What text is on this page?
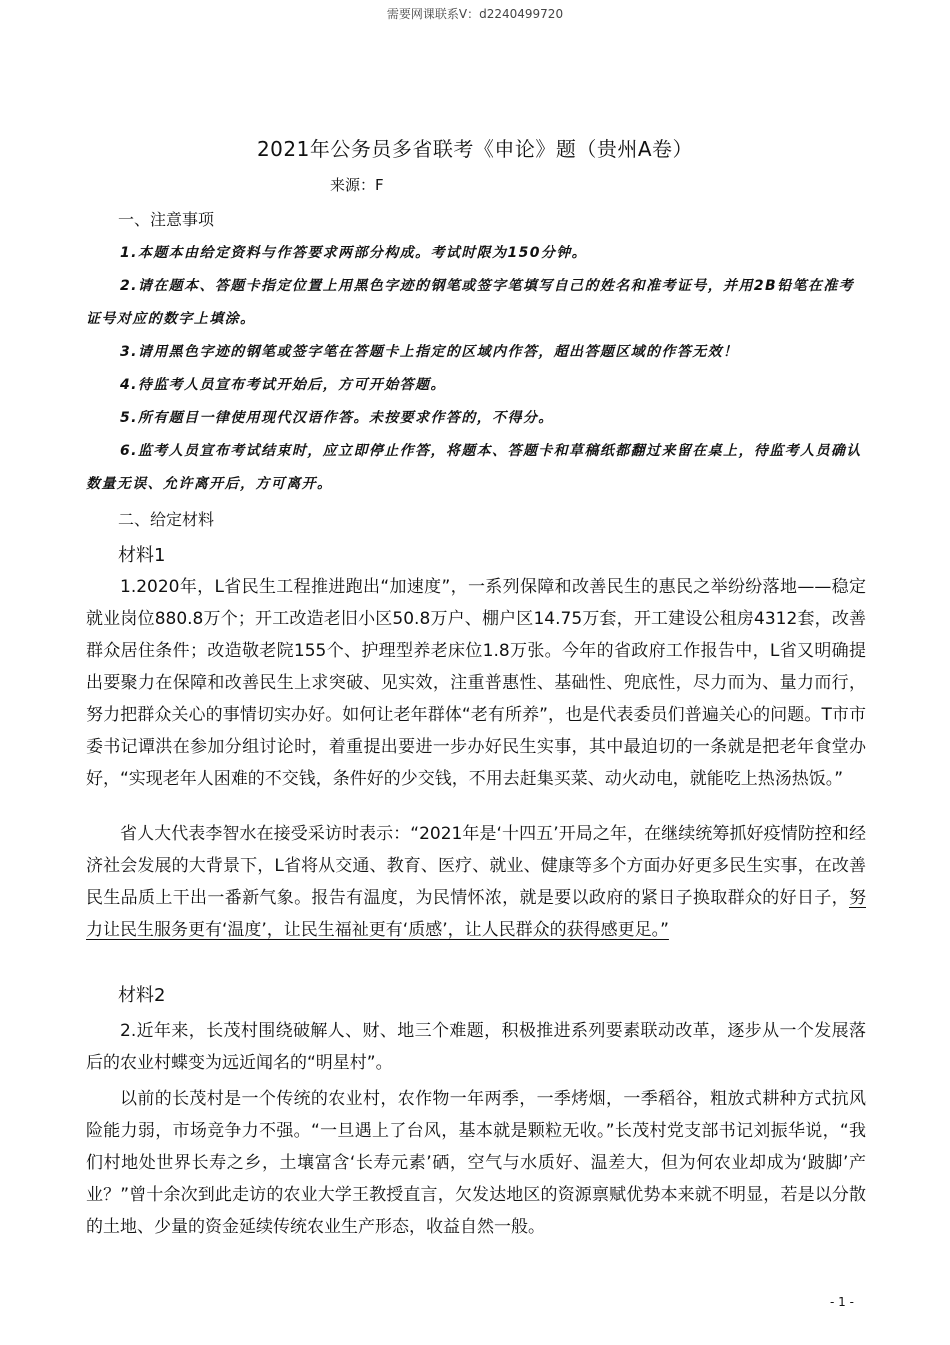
需要网课联系V：d2240499720
2021年公务员多省联考《申论》题（贵州A卷）
来源：F
一、注意事项
1.本题本由给定资料与作答要求两部分构成。考试时限为150分钟。
2.请在题本、答题卡指定位置上用黑色字迹的钢笔或签字笔填写自己的姓名和准考证号，并用2B铅笔在准考证号对应的数字上填涂。
3.请用黑色字迹的钢笔或签字笔在答题卡上指定的区域内作答，超出答题区域的作答无效！
4.待监考人员宣布考试开始后，方可开始答题。
5.所有题目一律使用现代汉语作答。未按要求作答的，不得分。
6.监考人员宣布考试结束时，应立即停止作答，将题本、答题卡和草稿纸都翻过来留在桌上，待监考人员确认数量无误、允许离开后，方可离开。
二、给定材料
材料1
1.2020年，L省民生工程推进跑出“加速度”，一系列保障和改善民生的惠民之举纷纷落地——稳定就业岗位880.8万个；开工改造老旧小区50.8万户、棚户区14.75万套，开工建设公租房4312套，改善群众居住条件；改造敬老院155个、护理型养老床位1.8万张。今年的省政府工作报告中，L省又明确提出要聚力在保障和改善民生上求突破、见实效，注重普惠性、基础性、兜底性，尽力而为、量力而行，努力把群众关心的事情切实办好。如何让老年群体“老有所养”，也是代表委员们普遍关心的问题。T市市委书记谭洪在参加分组讨论时，着重提出要进一步办好民生实事，其中最迫切的一条就是把老年食堂办好，“实现老年人困难的不交钱，条件好的少交钱，不用去赶集买菜、动火动电，就能吃上热汤热饭。”
省人大代表李智水在接受采访时表示：“2021年是‘十四五’开局之年，在继续统筹抓好疫情防控和经济社会发展的大背景下，L省将从交通、教育、医疗、就业、健康等多个方面办好更多民生实事，在改善民生品质上干出一番新气象。报告有温度，为民情怀浓，就是要以政府的紧日子换取群众的好日子，努力让民生服务更有‘温度’，让民生福祉更有‘质感’，让人民群众的获得感更足。”
材料2
2.近年来，长茂村围绕破解人、财、地三个难题，积极推进系列要素联动改革，逐步从一个发展落后的农业村蝶变为远近闻名的“明星村”。
以前的长茂村是一个传统的农业村，农作物一年两季，一季烤烟，一季稻谷，粗放式耕种方式抗风险能力弱，市场竞争力不强。“一旦遇上了台风，基本就是颗粒无收。”长茂村党支部书记刘振华说，“我们村地处世界长寿之乡，土壤富含‘长寿元素’硒，空气与水质好、温差大，但为何农业却成为‘跛脚’产业？”曾十余次到此走访的农业大学王教授直言，欠发达地区的资源禀赋优势本来就不明显，若是以分散的土地、少量的资金延续传统农业生产形态，收益自然一般。
- 1 -
